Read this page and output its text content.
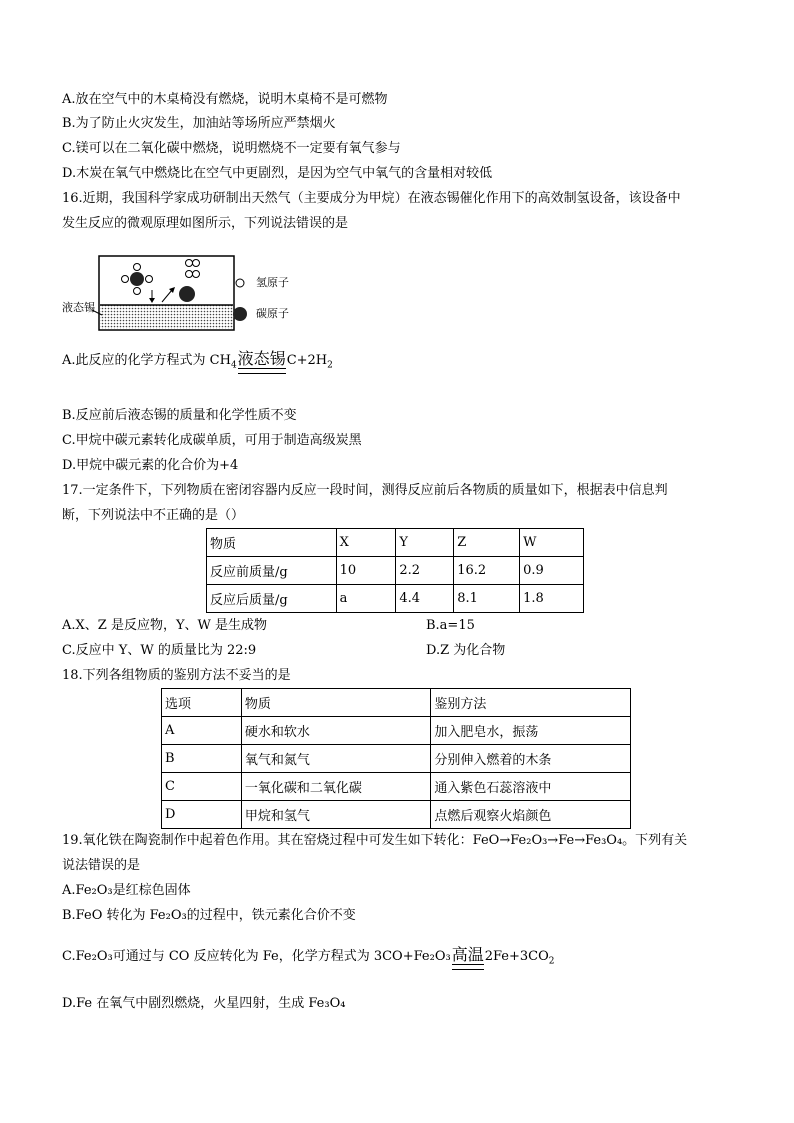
A.放在空气中的木桌椅没有燃烧，说明木桌椅不是可燃物
B.为了防止火灾发生，加油站等场所应严禁烟火
C.镁可以在二氧化碳中燃烧，说明燃烧不一定要有氧气参与
D.木炭在氧气中燃烧比在空气中更剧烈，是因为空气中氧气的含量相对较低
16.近期，我国科学家成功研制出天然气（主要成分为甲烷）在液态锡催化作用下的高效制氢设备，该设备中
发生反应的微观原理如图所示，下列说法错误的是
液态锡
氢原子
碳原子
A.此反应的化学方程式为 $CH_4$ 液态锡 $C+2H_2$
B.反应前后液态锡的质量和化学性质不变
C.甲烷中碳元素转化成碳单质，可用于制造高级炭黑
D.甲烷中碳元素的化合价为+4
17.一定条件下，下列物质在密闭容器内反应一段时间，测得反应前后各物质的质量如下，根据表中信息判
断，下列说法中不正确的是（）
物质	X	Y	Z	W
反应前质量/g	10	2.2	16.2	0.9
反应后质量/g	a	4.4	8.1	1.8
A.X、Z 是反应物，Y、W 是生成物	B.a=15
C.反应中 Y、W 的质量比为 22:9	D.Z 为化合物
18.下列各组物质的鉴别方法不妥当的是
选项	物质	鉴别方法
A	硬水和软水	加入肥皂水，振荡
B	氧气和氮气	分别伸入燃着的木条
C	一氧化碳和二氧化碳	通入紫色石蕊溶液中
D	甲烷和氢气	点燃后观察火焰颜色
19.氧化铁在陶瓷制作中起着色作用。其在窑烧过程中可发生如下转化：FeO→Fe₂O₃→Fe→Fe₃O₄。下列有关
说法错误的是
A.Fe₂O₃是红棕色固体
B.FeO 转化为 Fe₂O₃的过程中，铁元素化合价不变
C.Fe₂O₃可通过与 CO 反应转化为 Fe，化学方程式为 3CO+Fe₂O₃ 高温 $2Fe+3CO_2$
D.Fe 在氧气中剧烈燃烧，火星四射，生成 Fe₃O₄
